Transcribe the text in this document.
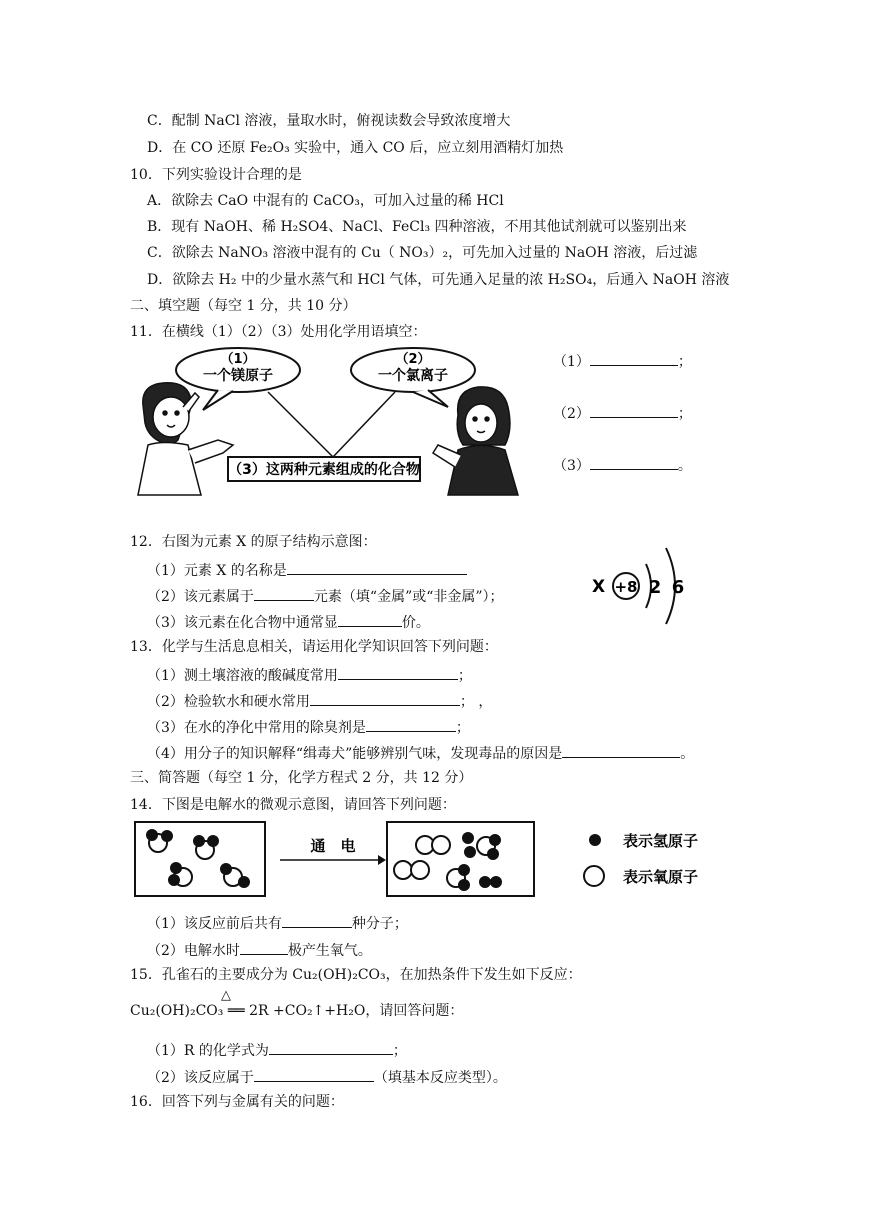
C．配制 NaCl 溶液，量取水时，俯视读数会导致浓度增大
D．在 CO 还原 Fe₂O₃ 实验中，通入 CO 后，应立刻用酒精灯加热
10．下列实验设计合理的是
A．欲除去 CaO 中混有的 CaCO₃，可加入过量的稀 HCl
B．现有 NaOH、稀 H₂SO4、NaCl、FeCl₃ 四种溶液，不用其他试剂就可以鉴别出来
C．欲除去 NaNO₃ 溶液中混有的 Cu（ NO₃）₂，可先加入过量的 NaOH 溶液，后过滤
D．欲除去 H₂ 中的少量水蒸气和 HCl 气体，可先通入足量的浓 H₂SO₄，后通入 NaOH 溶液
二、填空题（每空 1 分，共 10 分）
11．在横线（1）（2）（3）处用化学用语填空：
（1）
一个镁原子
（2）
一个氯离子
（3）这两种元素组成的化合物
（1）	；
（2）	；
（3）	。
12．右图为元素 X 的原子结构示意图：
（1）元素 X 的名称是
（2）该元素属于	元素（填“金属”或“非金属”）；
（3）该元素在化合物中通常显	价。
X +8 2 6
13．化学与生活息息相关，请运用化学知识回答下列问题：
（1）测土壤溶液的酸碱度常用	；
（2）检验软水和硬水常用	； ，
（3）在水的净化中常用的除臭剂是	；
（4）用分子的知识解释“缉毒犬”能够辨别气味，发现毒品的原因是	。
三、简答题（每空 1 分，化学方程式 2 分，共 12 分）
14．下图是电解水的微观示意图，请回答下列问题：
通　电	表示氢原子
表示氧原子
（1）该反应前后共有	种分子；
（2）电解水时	极产生氧气。
15．孔雀石的主要成分为 Cu₂(OH)₂CO₃，在加热条件下发生如下反应：
Cu₂(OH)₂CO₃ ══ 2R +CO₂↑+H₂O，请回答问题：
△
（1）R 的化学式为	；
（2）该反应属于	（填基本反应类型）。
16．回答下列与金属有关的问题：
